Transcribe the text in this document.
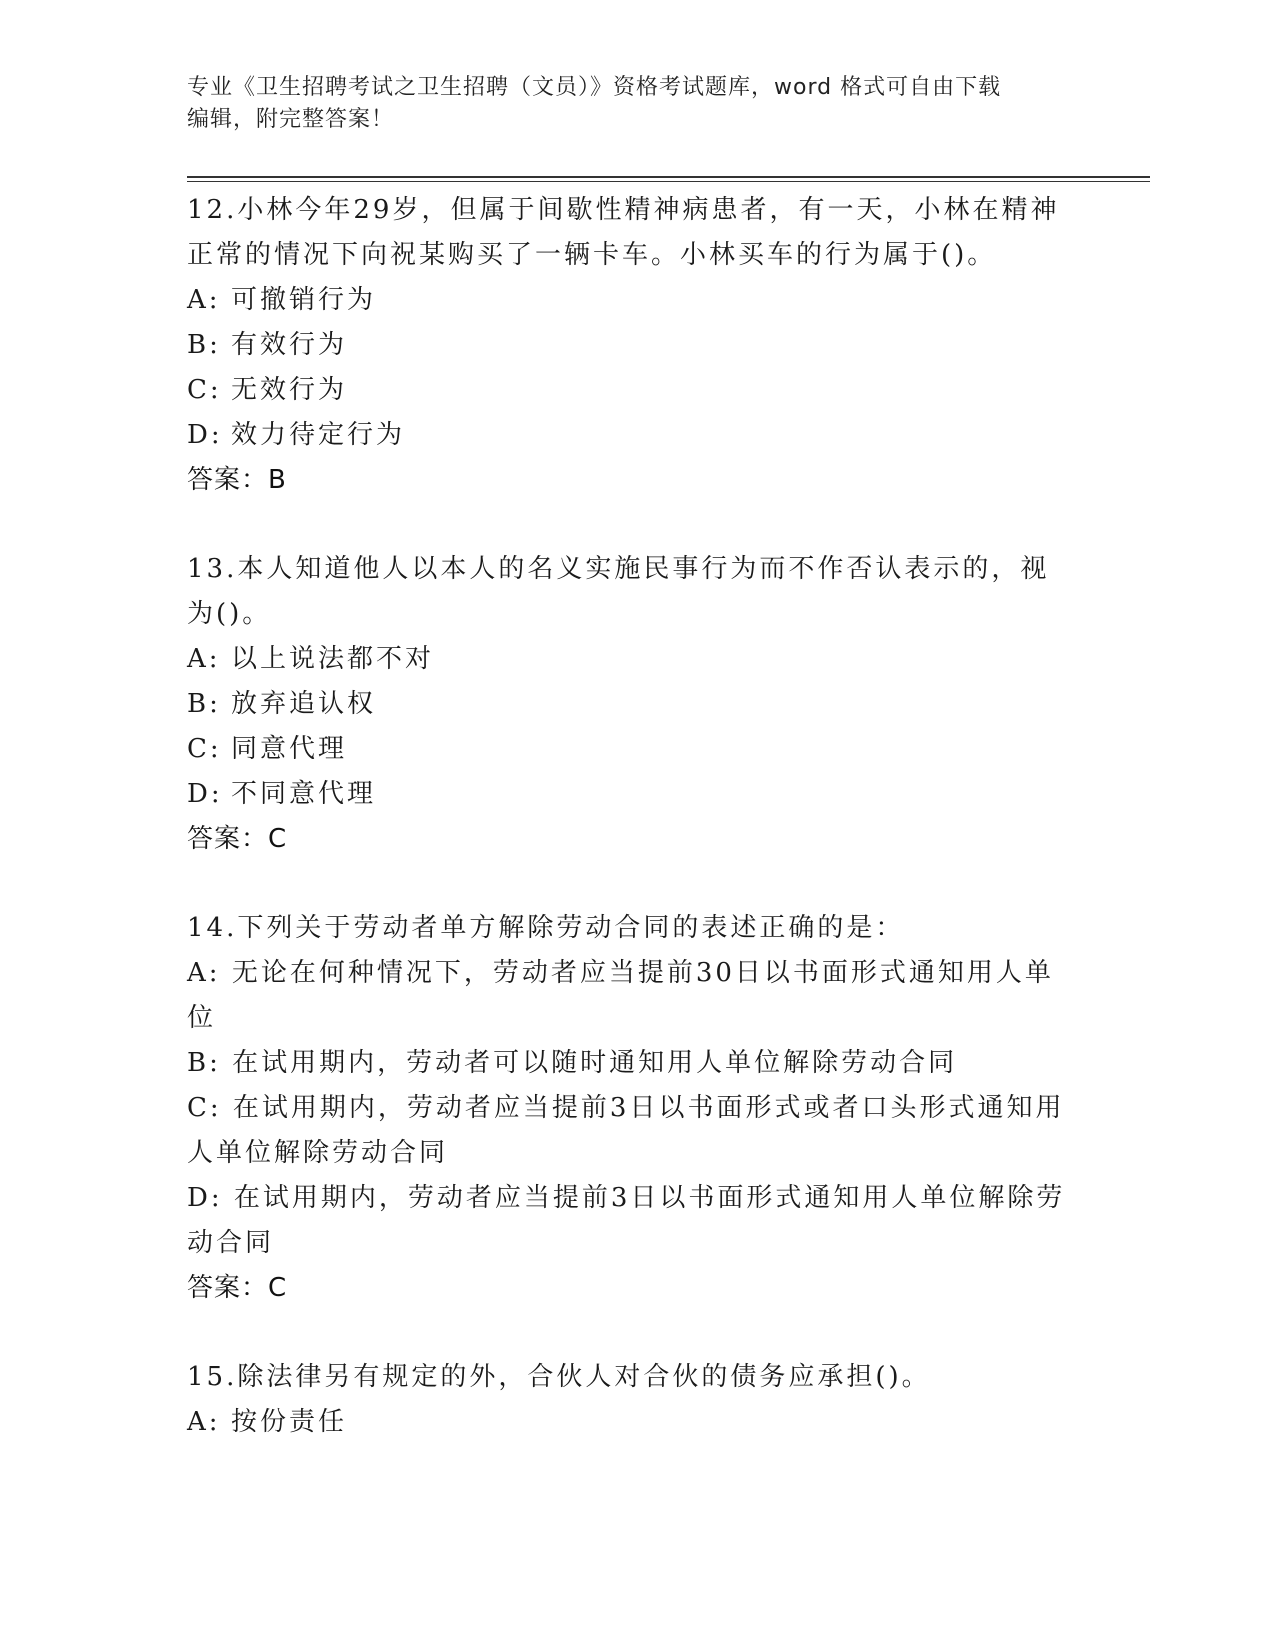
专业《卫生招聘考试之卫生招聘（文员）》资格考试题库，word 格式可自由下载
编辑，附完整答案！
12.小林今年29岁，但属于间歇性精神病患者，有一天，小林在精神正常的情况下向祝某购买了一辆卡车。小林买车的行为属于()。
A: 可撤销行为
B: 有效行为
C: 无效行为
D: 效力待定行为
答案：B
13.本人知道他人以本人的名义实施民事行为而不作否认表示的，视为()。
A: 以上说法都不对
B: 放弃追认权
C: 同意代理
D: 不同意代理
答案：C
14.下列关于劳动者单方解除劳动合同的表述正确的是：
A: 无论在何种情况下，劳动者应当提前30日以书面形式通知用人单位
B: 在试用期内，劳动者可以随时通知用人单位解除劳动合同
C: 在试用期内，劳动者应当提前3日以书面形式或者口头形式通知用人单位解除劳动合同
D: 在试用期内，劳动者应当提前3日以书面形式通知用人单位解除劳动合同
答案：C
15.除法律另有规定的外，合伙人对合伙的债务应承担()。
A: 按份责任
